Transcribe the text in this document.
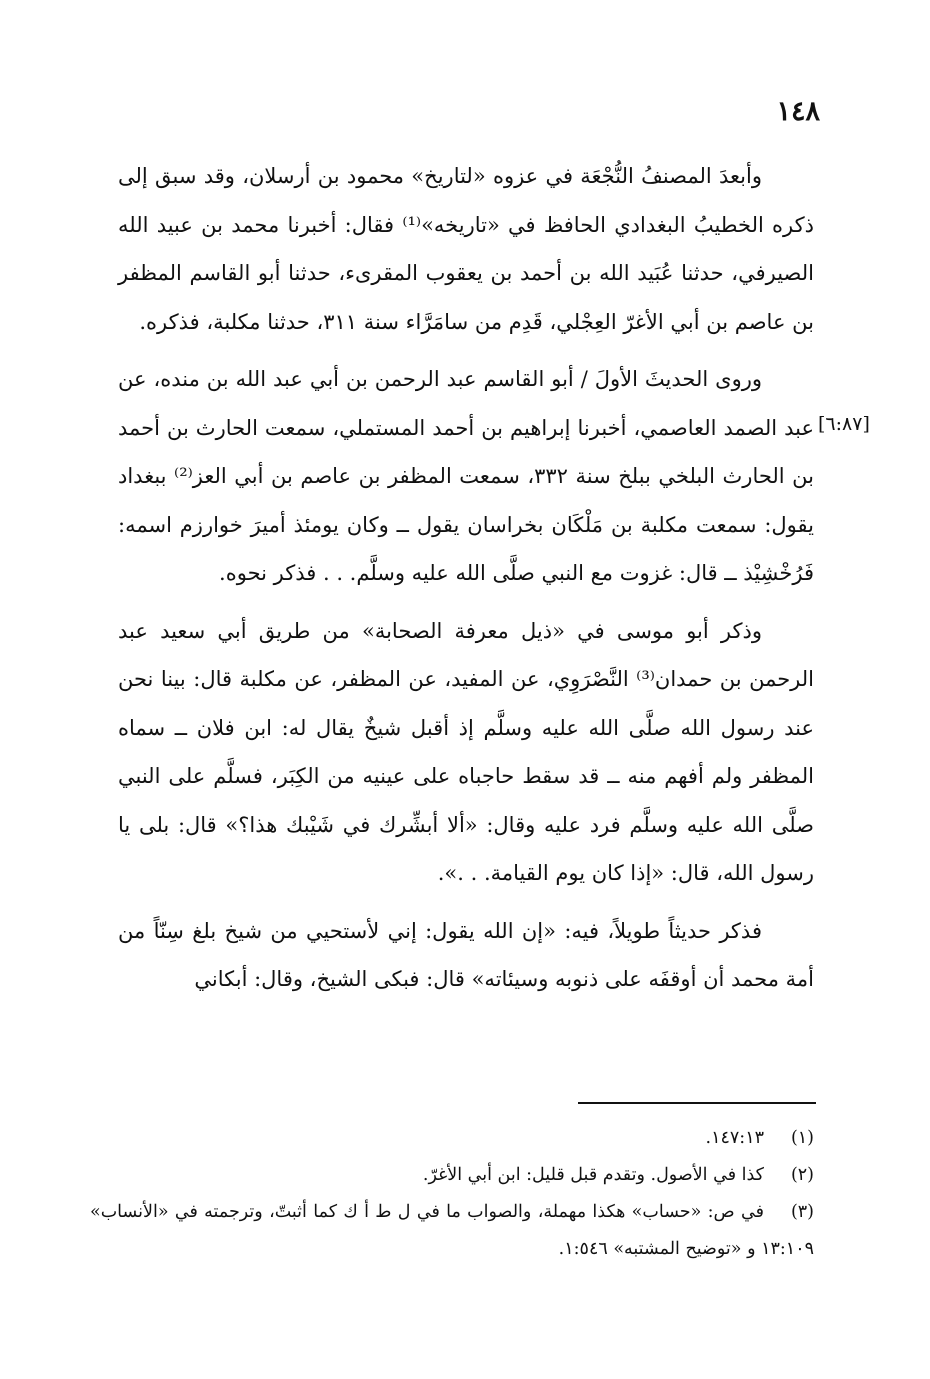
١٤٨
[٦:٨٧]

وأبعدَ المصنفُ النُّجْعَة في عزوه «لتاريخ» محمود بن أرسلان، وقد سبق إلى ذكره الخطيبُ البغدادي الحافظ في «تاريخه»⁽¹⁾ فقال: أخبرنا محمد بن عبيد الله الصيرفي، حدثنا عُبَيد الله بن أحمد بن يعقوب المقرىء، حدثنا أبو القاسم المظفر بن عاصم بن أبي الأغرّ العِجْلي، قَدِم من سامَرَّاء سنة ٣١١، حدثنا مكلبة، فذكره.

وروى الحديثَ الأولَ / أبو القاسم عبد الرحمن بن أبي عبد الله بن منده، عن عبد الصمد العاصمي، أخبرنا إبراهيم بن أحمد المستملي، سمعت الحارث بن أحمد بن الحارث البلخي ببلخ سنة ٣٣٢، سمعت المظفر بن عاصم بن أبي العز⁽²⁾ ببغداد يقول: سمعت مكلبة بن مَلْكَان بخراسان يقول ــ وكان يومئذ أميرَ خوارزم اسمه: فَرُخْشِيْذ ــ قال: غزوت مع النبي صلَّى الله عليه وسلَّم. . . فذكر نحوه.

وذكر أبو موسى في «ذيل معرفة الصحابة» من طريق أبي سعيد عبد الرحمن بن حمدان⁽³⁾ النَّصْرَوِي، عن المفيد، عن المظفر، عن مكلبة قال: بينا نحن عند رسول الله صلَّى الله عليه وسلَّم إذ أقبل شيخٌ يقال له: ابن فلان ــ سماه المظفر ولم أفهم منه ــ قد سقط حاجباه على عينيه من الكِبَر، فسلَّم على النبي صلَّى الله عليه وسلَّم فرد عليه وقال: «ألا أبشِّرك في شَيْبك هذا؟» قال: بلى يا رسول الله، قال: «إذا كان يوم القيامة. . .».

فذكر حديثاً طويلاً، فيه: «إن الله يقول: إني لأستحيي من شيخ بلغ سِنّاً من أمة محمد أن أوقفَه على ذنوبه وسيئاته» قال: فبكى الشيخ، وقال: أبكاني

(١)١٤٧:١٣.

(٢)كذا في الأصول. وتقدم قبل قليل: ابن أبي الأغرّ.

(٣)في ص: «حساب» هكذا مهملة، والصواب ما في ل ط أ ك كما أثبتّ، وترجمته في «الأنساب» ١٣:١٠٩ و «توضيح المشتبه» ١:٥٤٦.
